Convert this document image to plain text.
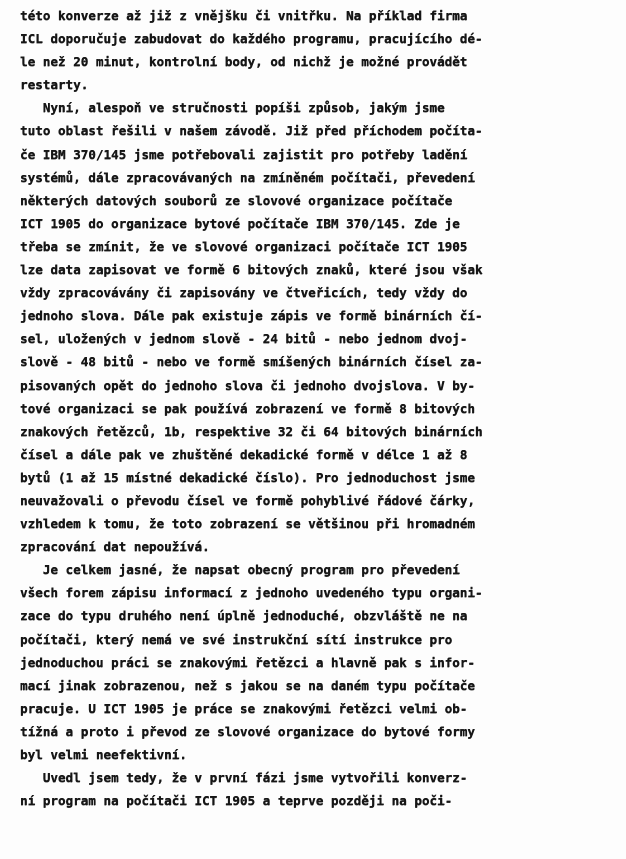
této konverze až již z vnějšku či vnitřku. Na příklad firma
ICL doporučuje zabudovat do každého programu, pracujícího dé-
le než 20 minut, kontrolní body, od nichž je možné provádět
restarty.
Nyní, alespoň ve stručnosti popíši způsob, jakým jsme
tuto oblast řešili v našem závodě. Již před příchodem počíta-
če IBM 370/145 jsme potřebovali zajistit pro potřeby ladění
systémů, dále zpracovávaných na zmíněném počítači, převedení
některých datových souborů ze slovové organizace počítače
ICT 1905 do organizace bytové počítače IBM 370/145. Zde je
třeba se zmínit, že ve slovové organizaci počítače ICT 1905
lze data zapisovat ve formě 6 bitových znaků, které jsou však
vždy zpracovávány či zapisovány ve čtveřicích, tedy vždy do
jednoho slova. Dále pak existuje zápis ve formě binárních čí-
sel, uložených v jednom slově - 24 bitů - nebo jednom dvoj-
slově - 48 bitů - nebo ve formě smíšených binárních čísel za-
pisovaných opět do jednoho slova či jednoho dvojslova. V by-
tové organizaci se pak používá zobrazení ve formě 8 bitových
znakových řetězců, 1b, respektive 32 či 64 bitových binárních
čísel a dále pak ve zhuštěné dekadické formě v délce 1 až 8
bytů (1 až 15 místné dekadické číslo). Pro jednoduchost jsme
neuvažovali o převodu čísel ve formě pohyblivé řádové čárky,
vzhledem k tomu, že toto zobrazení se většinou při hromadném
zpracování dat nepoužívá.
Je celkem jasné, že napsat obecný program pro převedení
všech forem zápisu informací z jednoho uvedeného typu organi-
zace do typu druhého není úplně jednoduché, obzvláště ne na
počítači, který nemá ve své instrukční sítí instrukce pro
jednoduchou práci se znakovými řetězci a hlavně pak s infor-
mací jinak zobrazenou, než s jakou se na daném typu počítače
pracuje. U ICT 1905 je práce se znakovými řetězci velmi ob-
tížná a proto i převod ze slovové organizace do bytové formy
byl velmi neefektivní.
Uvedl jsem tedy, že v první fázi jsme vytvořili konverz-
ní program na počítači ICT 1905 a teprve později na poči-
